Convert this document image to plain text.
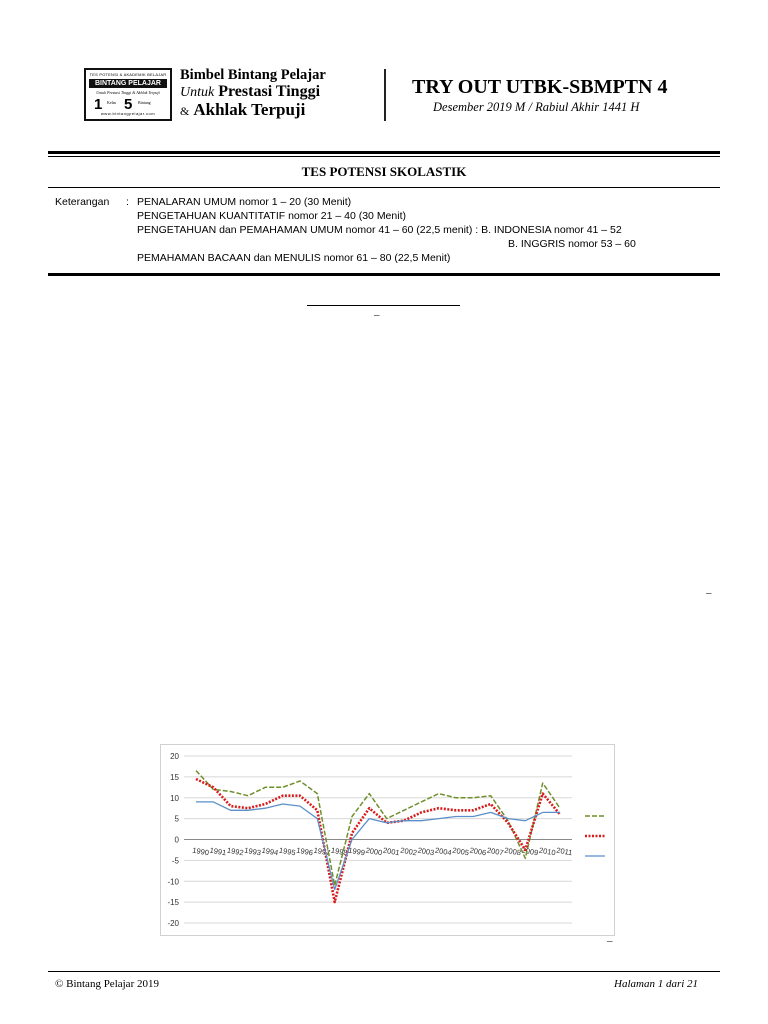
TES POTENSI & AKADEMIK BELAJAR
BINTANG PELAJAR
Untuk Prestasi Tinggi & Akhlak Terpuji
1 Kelas 5 Bintang
www.bintangpelajar.com
Bimbel Bintang Pelajar
Untuk Prestasi Tinggi
& Akhlak Terpuji
TRY OUT UTBK-SBMPTN 4
Desember 2019 M / Rabiul Akhir 1441 H
TES POTENSI SKOLASTIK
Keterangan : PENALARAN UMUM nomor 1 – 20 (30 Menit)
PENGETAHUAN KUANTITATIF nomor 21 – 40 (30 Menit)
PENGETAHUAN dan PEMAHAMAN UMUM nomor 41 – 60 (22,5 menit) : B. INDONESIA nomor 41 – 52
B. INGGRIS nomor 53 – 60
PEMAHAMAN BACAAN dan MENULIS nomor 61 – 80 (22,5 Menit)
–
–
–
20
15
10
5
0
-5
-10
-15
-20
1990 1991 1992 1993 1994 1995 1996 1997 1998 1999 2000 2001 2002 2003 2004 2005 2006 2007 2008 2009 2010 2011
© Bintang Pelajar 2019	Halaman 1 dari 21
